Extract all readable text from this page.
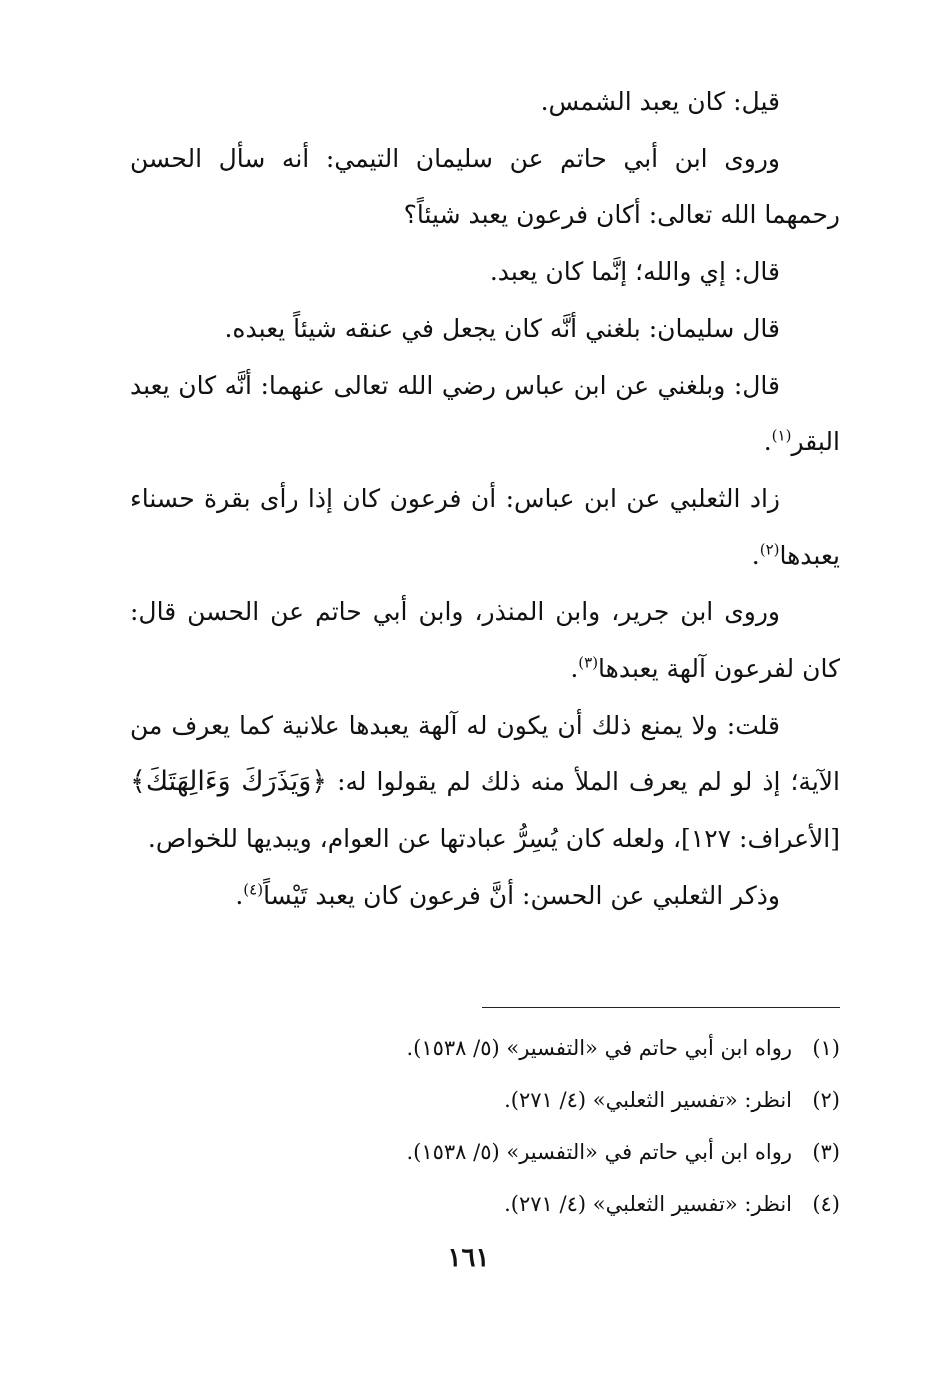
قيل: كان يعبد الشمس.

وروى ابن أبي حاتم عن سليمان التيمي: أنه سأل الحسن رحمهما الله تعالى: أكان فرعون يعبد شيئاً؟

قال: إي والله؛ إنَّما كان يعبد.

قال سليمان: بلغني أنَّه كان يجعل في عنقه شيئاً يعبده.

قال: وبلغني عن ابن عباس رضي الله تعالى عنهما: أنَّه كان يعبد البقر$^{(١)}$.

زاد الثعلبي عن ابن عباس: أن فرعون كان إذا رأى بقرة حسناء يعبدها$^{(٢)}$.

وروى ابن جرير، وابن المنذر، وابن أبي حاتم عن الحسن قال: كان لفرعون آلهة يعبدها$^{(٣)}$.

قلت: ولا يمنع ذلك أن يكون له آلهة يعبدها علانية كما يعرف من الآية؛ إذ لو لم يعرف الملأ منه ذلك لم يقولوا له: ﴿وَيَذَرَكَ وَءَالِهَتَكَ﴾[الأعراف: ١٢٧]، ولعله كان يُسِرُّ عبادتها عن العوام، ويبديها للخواص.

وذكر الثعلبي عن الحسن: أنَّ فرعون كان يعبد تَيْساً$^{(٤)}$.

(١)
رواه ابن أبي حاتم في «التفسير» (٥/ ١٥٣٨).
(٢)
انظر: «تفسير الثعلبي» (٤/ ٢٧١).
(٣)
رواه ابن أبي حاتم في «التفسير» (٥/ ١٥٣٨).
(٤)
انظر: «تفسير الثعلبي» (٤/ ٢٧١).
١٦١
